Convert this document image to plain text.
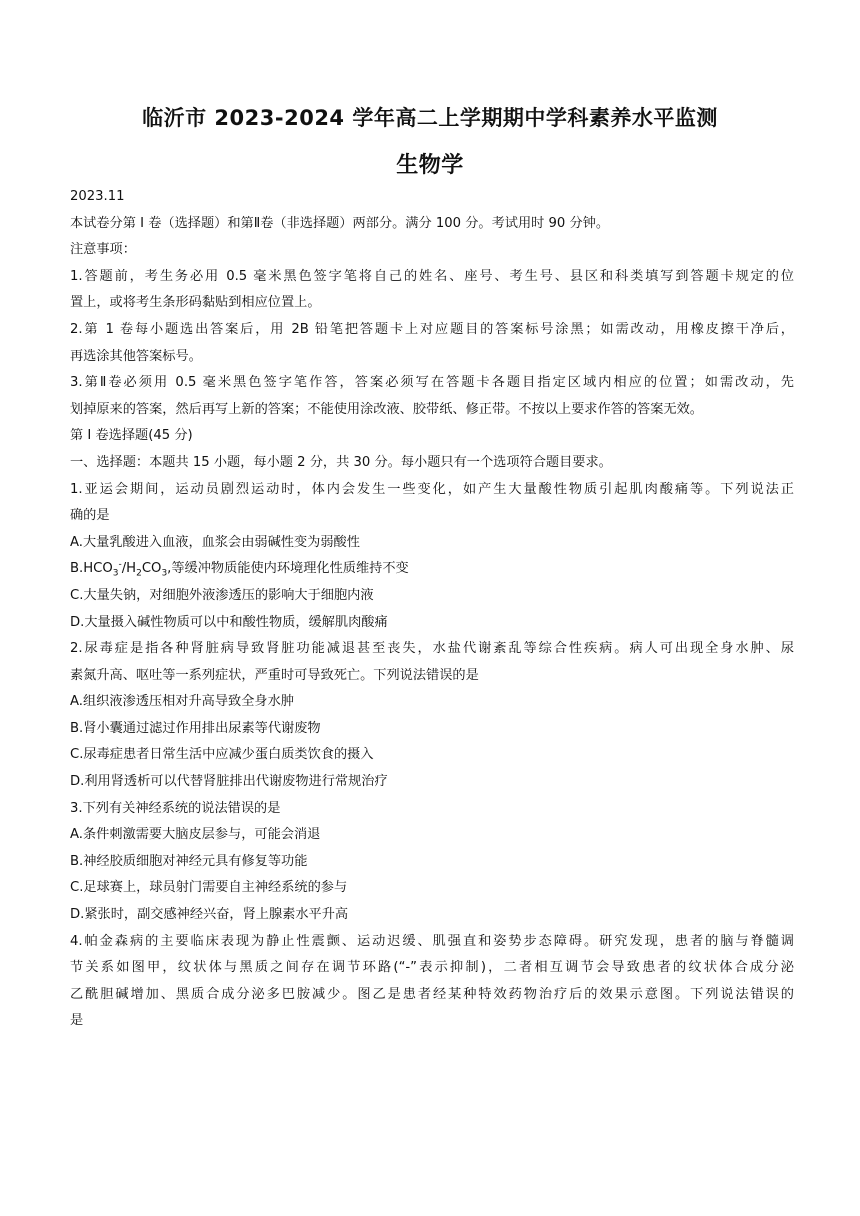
临沂市 2023-2024 学年高二上学期期中学科素养水平监测
生物学
2023.11
本试卷分第 I 卷（选择题）和第Ⅱ卷（非选择题）两部分。满分 100 分。考试用时 90 分钟。
注意事项：
1.答题前，考生务必用 0.5 毫米黑色签字笔将自己的姓名、座号、考生号、县区和科类填写到答题卡规定的位
置上，或将考生条形码黏贴到相应位置上。
2.第 1 卷每小题选出答案后，用 2B 铅笔把答题卡上对应题目的答案标号涂黑；如需改动，用橡皮擦干净后，
再选涂其他答案标号。
3.第Ⅱ卷必须用 0.5 毫米黑色签字笔作答，答案必须写在答题卡各题目指定区域内相应的位置；如需改动，先
划掉原来的答案，然后再写上新的答案；不能使用涂改液、胶带纸、修正带。不按以上要求作答的答案无效。
第 I 卷选择题(45 分)
一、选择题：本题共 15 小题，每小题 2 分，共 30 分。每小题只有一个选项符合题目要求。
1.亚运会期间，运动员剧烈运动时，体内会发生一些变化，如产生大量酸性物质引起肌肉酸痛等。下列说法正
确的是
A.大量乳酸进入血液，血浆会由弱碱性变为弱酸性
$B.HCO_3^-/H_2CO_3$,等缓冲物质能使内环境理化性质维持不变
C.大量失钠，对细胞外液渗透压的影响大于细胞内液
D.大量摄入碱性物质可以中和酸性物质，缓解肌肉酸痛
2.尿毒症是指各种肾脏病导致肾脏功能减退甚至丧失，水盐代谢紊乱等综合性疾病。病人可出现全身水肿、尿
素氮升高、呕吐等一系列症状，严重时可导致死亡。下列说法错误的是
A.组织液渗透压相对升高导致全身水肿
B.肾小囊通过滤过作用排出尿素等代谢废物
C.尿毒症患者日常生活中应减少蛋白质类饮食的摄入
D.利用肾透析可以代替肾脏排出代谢废物进行常规治疗
3.下列有关神经系统的说法错误的是
A.条件刺激需要大脑皮层参与，可能会消退
B.神经胶质细胞对神经元具有修复等功能
C.足球赛上，球员射门需要自主神经系统的参与
D.紧张时，副交感神经兴奋，肾上腺素水平升高
4.帕金森病的主要临床表现为静止性震颤、运动迟缓、肌强直和姿势步态障碍。研究发现，患者的脑与脊髓调
节关系如图甲，纹状体与黑质之间存在调节环路(“-”表示抑制)，二者相互调节会导致患者的纹状体合成分泌
乙酰胆碱增加、黑质合成分泌多巴胺减少。图乙是患者经某种特效药物治疗后的效果示意图。下列说法错误的
是
